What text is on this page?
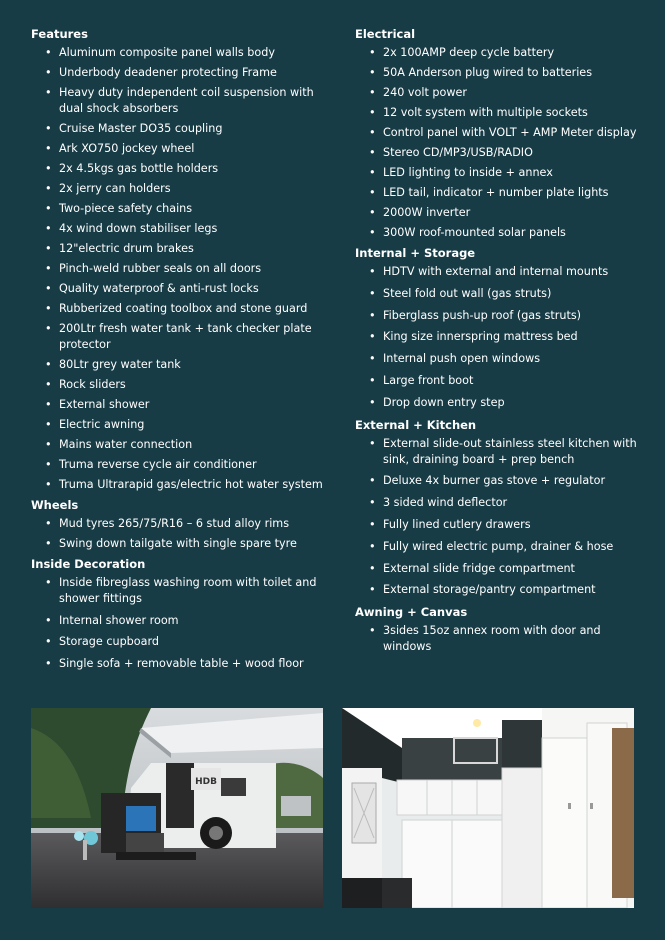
Features
• Aluminum composite panel walls body
• Underbody deadener protecting Frame
• Heavy duty independent coil suspension with dual shock absorbers
• Cruise Master DO35 coupling
• Ark XO750 jockey wheel
• 2x 4.5kgs gas bottle holders
• 2x jerry can holders
• Two-piece safety chains
• 4x wind down stabiliser legs
• 12"electric drum brakes
• Pinch-weld rubber seals on all doors
• Quality waterproof & anti-rust locks
• Rubberized coating toolbox and stone guard
• 200Ltr fresh water tank + tank checker plate protector
• 80Ltr grey water tank
• Rock sliders
• External shower
• Electric awning
• Mains water connection
• Truma reverse cycle air conditioner
• Truma Ultrarapid gas/electric hot water system
Wheels
• Mud tyres 265/75/R16 – 6 stud alloy rims
• Swing down tailgate with single spare tyre
Inside Decoration
• Inside fibreglass washing room with toilet and shower fittings
• Internal shower room
• Storage cupboard
• Single sofa + removable table + wood floor
Electrical
• 2x 100AMP deep cycle battery
• 50A Anderson plug wired to batteries
• 240 volt power
• 12 volt system with multiple sockets
• Control panel with VOLT + AMP Meter display
• Stereo CD/MP3/USB/RADIO
• LED lighting to inside + annex
• LED tail, indicator + number plate lights
• 2000W inverter
• 300W roof-mounted solar panels
Internal + Storage
• HDTV with external and internal mounts
• Steel fold out wall (gas struts)
• Fiberglass push-up roof (gas struts)
• King size innerspring mattress bed
• Internal push open windows
• Large front boot
• Drop down entry step
External + Kitchen
• External slide-out stainless steel kitchen with sink, draining board + prep bench
• Deluxe 4x burner gas stove + regulator
• 3 sided wind deflector
• Fully lined cutlery drawers
• Fully wired electric pump, drainer & hose
• External slide fridge compartment
• External storage/pantry compartment
Awning + Canvas
• 3sides 15oz annex room with door and windows
HDB
